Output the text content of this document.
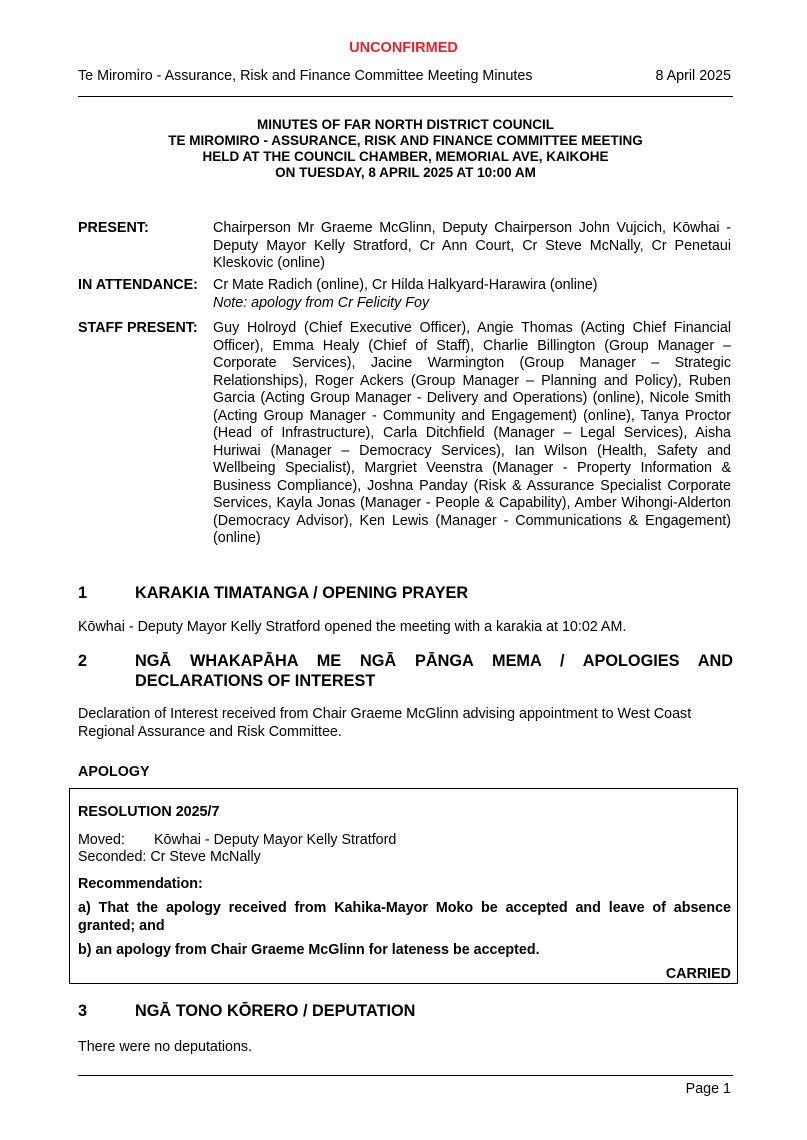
UNCONFIRMED
Te Miromiro - Assurance, Risk and Finance Committee Meeting Minutes	8 April 2025
MINUTES OF FAR NORTH DISTRICT COUNCIL
TE MIROMIRO - ASSURANCE, RISK AND FINANCE COMMITTEE MEETING
HELD AT THE COUNCIL CHAMBER, MEMORIAL AVE, KAIKOHE
ON TUESDAY, 8 APRIL 2025 AT 10:00 AM
PRESENT:	Chairperson Mr Graeme McGlinn, Deputy Chairperson John Vujcich, Kōwhai - Deputy Mayor Kelly Stratford, Cr Ann Court, Cr Steve McNally, Cr Penetaui Kleskovic (online)
IN ATTENDANCE: Cr Mate Radich (online), Cr Hilda Halkyard-Harawira (online)
Note: apology from Cr Felicity Foy
STAFF PRESENT: Guy Holroyd (Chief Executive Officer), Angie Thomas (Acting Chief Financial Officer), Emma Healy (Chief of Staff), Charlie Billington (Group Manager – Corporate Services), Jacine Warmington (Group Manager – Strategic Relationships), Roger Ackers (Group Manager – Planning and Policy), Ruben Garcia (Acting Group Manager - Delivery and Operations) (online), Nicole Smith (Acting Group Manager - Community and Engagement) (online), Tanya Proctor (Head of Infrastructure), Carla Ditchfield (Manager – Legal Services), Aisha Huriwai (Manager – Democracy Services), Ian Wilson (Health, Safety and Wellbeing Specialist), Margriet Veenstra (Manager - Property Information & Business Compliance), Joshna Panday (Risk & Assurance Specialist Corporate Services, Kayla Jonas (Manager - People & Capability), Amber Wihongi-Alderton (Democracy Advisor), Ken Lewis (Manager - Communications & Engagement) (online)
1	KARAKIA TIMATANGA / OPENING PRAYER
Kōwhai - Deputy Mayor Kelly Stratford opened the meeting with a karakia at 10:02 AM.
2	NGĀ WHAKAPĀHA ME NGĀ PĀNGA MEMA / APOLOGIES AND DECLARATIONS OF INTEREST
Declaration of Interest received from Chair Graeme McGlinn advising appointment to West Coast Regional Assurance and Risk Committee.
APOLOGY
RESOLUTION 2025/7
Moved: Kōwhai - Deputy Mayor Kelly Stratford
Seconded: Cr Steve McNally
Recommendation:
a) That the apology received from Kahika-Mayor Moko be accepted and leave of absence granted; and
b) an apology from Chair Graeme McGlinn for lateness be accepted.
CARRIED
3	NGĀ TONO KŌRERO / DEPUTATION
There were no deputations.
Page 1
